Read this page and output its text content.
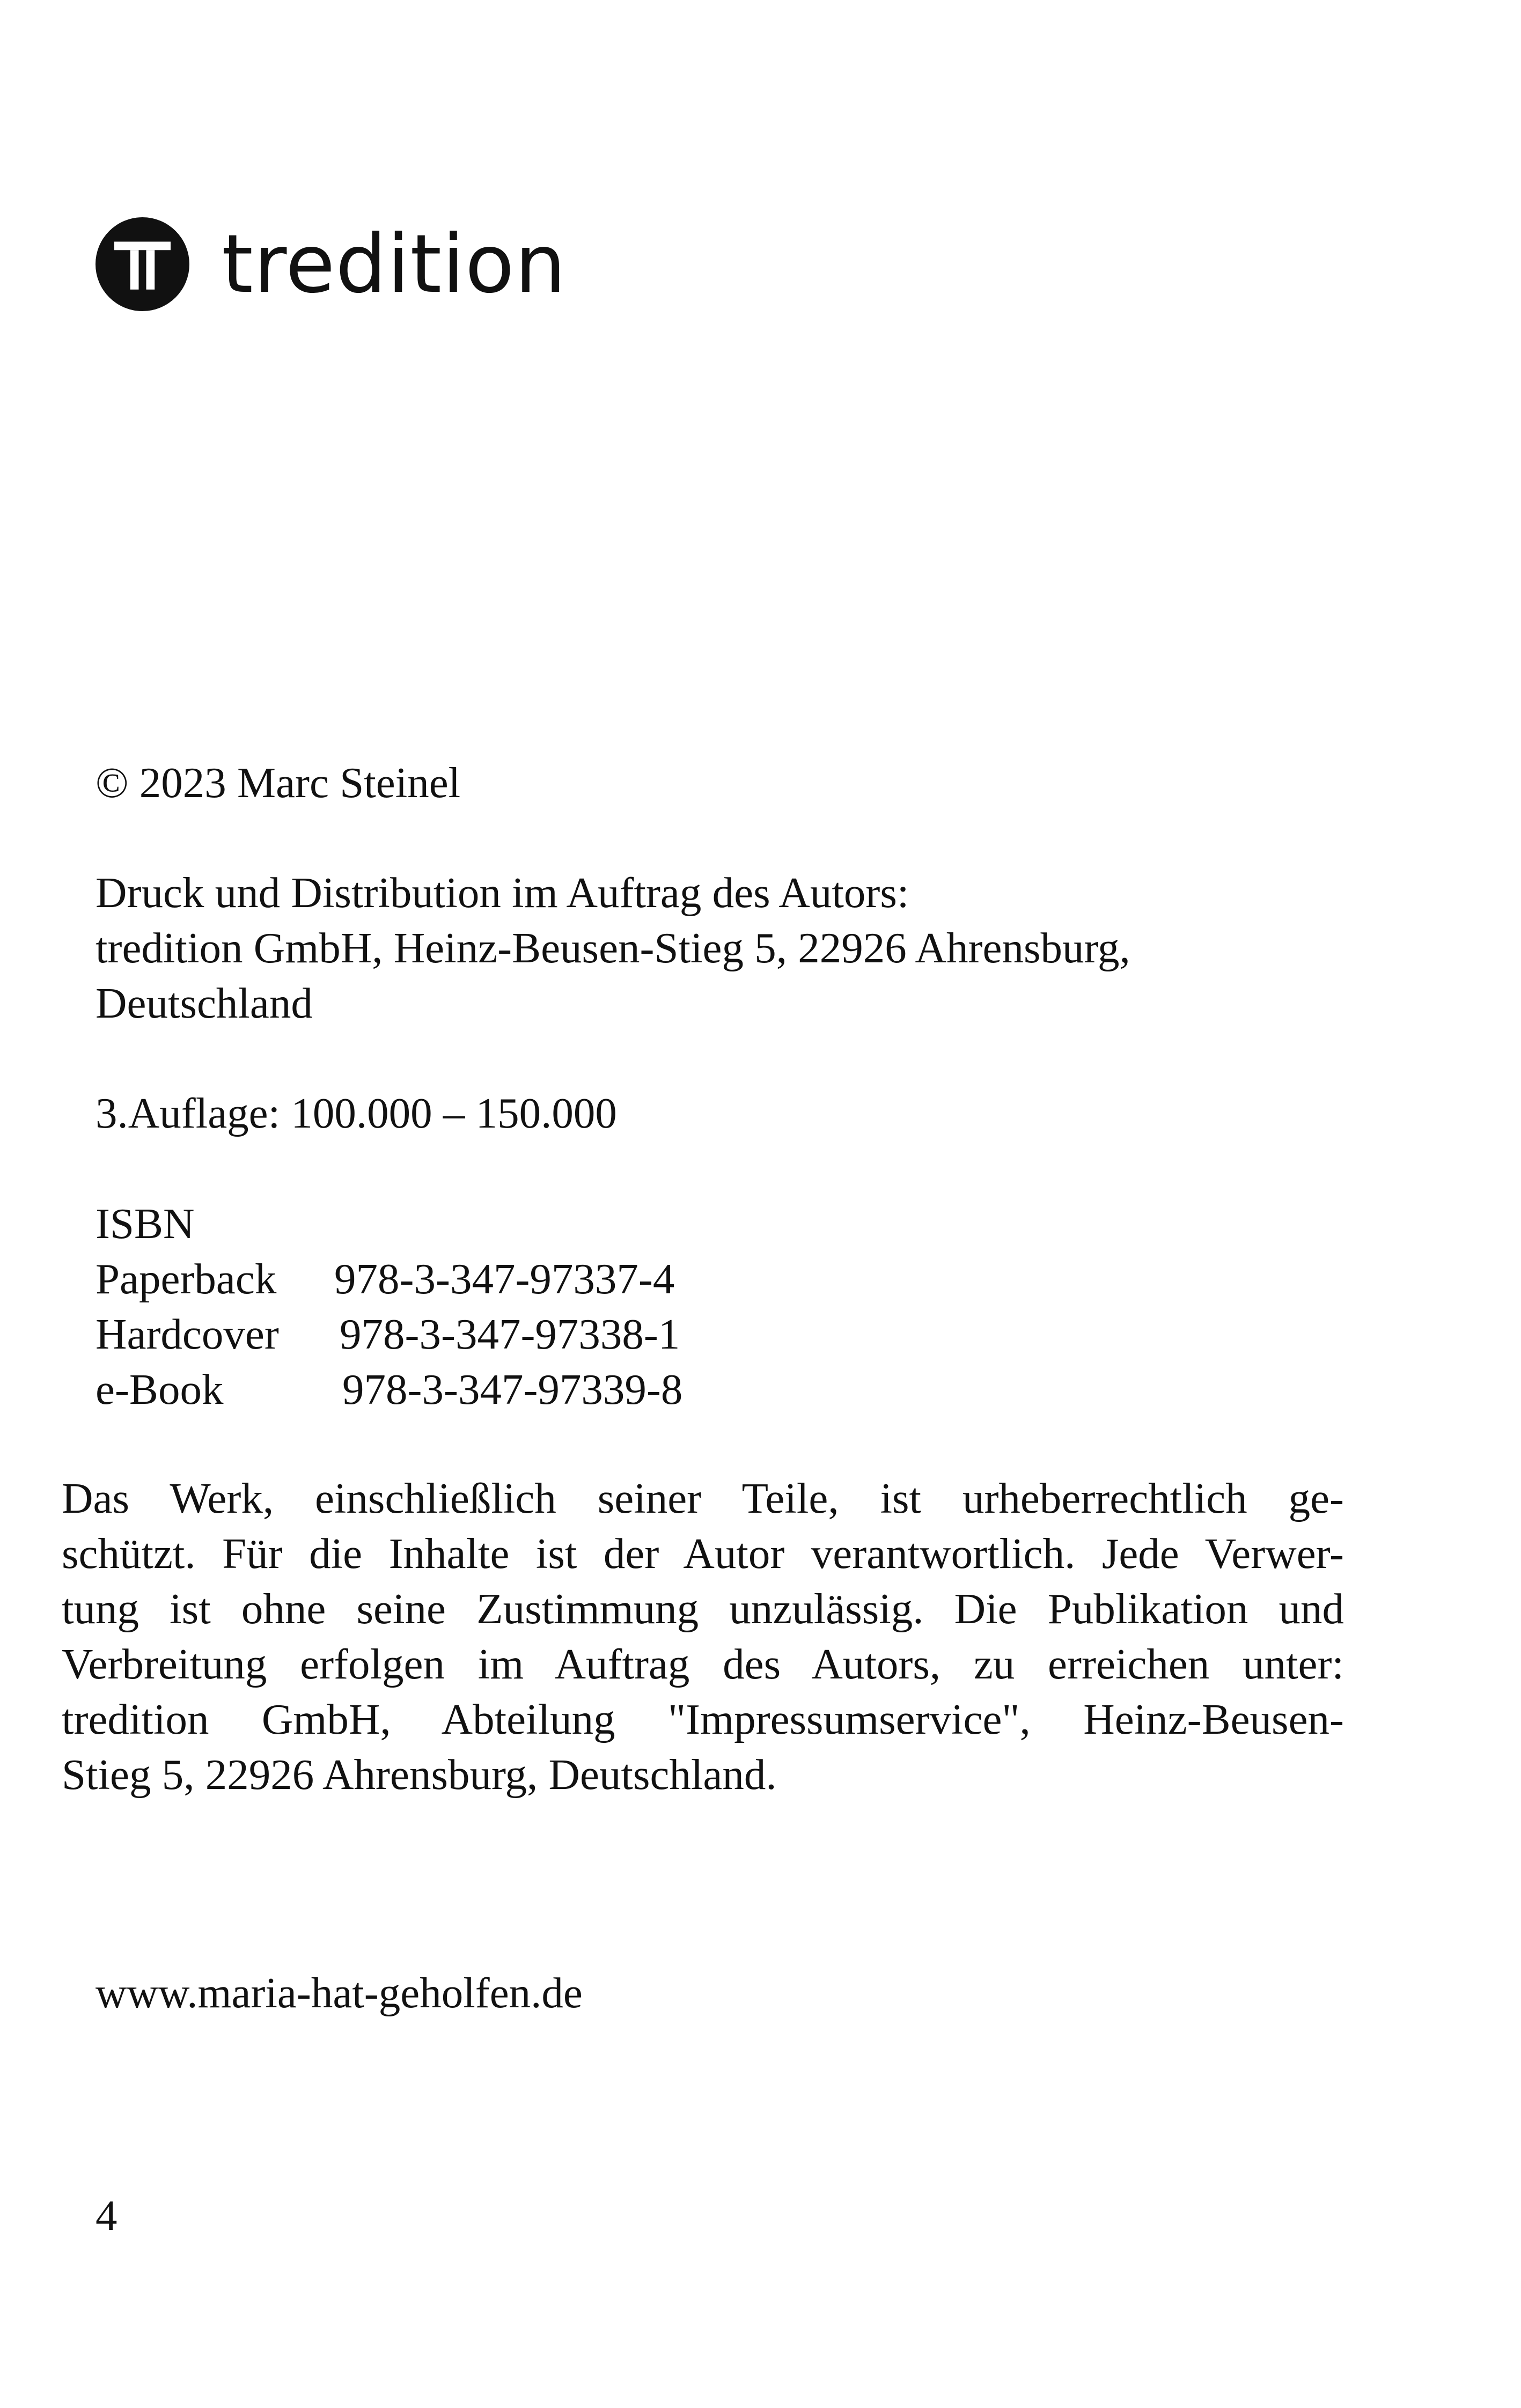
tredition

© 2023 Marc Steinel

Druck und Distribution im Auftrag des Autors:
tredition GmbH, Heinz-Beusen-Stieg 5, 22926 Ahrensburg,
Deutschland

3.Auflage: 100.000 – 150.000

ISBN
Paperback	978-3-347-97337-4
Hardcover	978-3-347-97338-1
e-Book	978-3-347-97339-8
Das Werk, einschließlich seiner Teile, ist urheberrechtlich ge-
schützt. Für die Inhalte ist der Autor verantwortlich. Jede Verwer-
tung ist ohne seine Zustimmung unzulässig. Die Publikation und
Verbreitung erfolgen im Auftrag des Autors, zu erreichen unter:
tredition GmbH, Abteilung "Impressumservice", Heinz-Beusen-
Stieg 5, 22926 Ahrensburg, Deutschland.

www.maria-hat-geholfen.de

4
